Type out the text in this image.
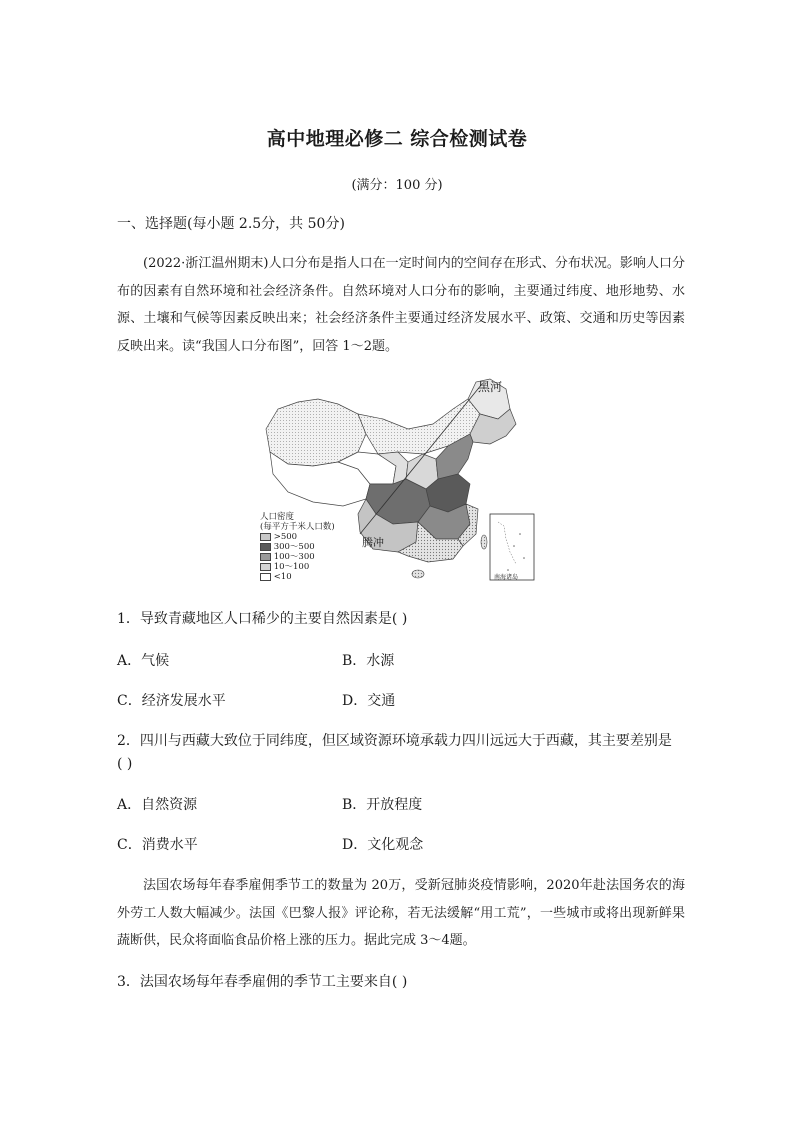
高中地理必修二 综合检测试卷
(满分：100 分)
一、选择题(每小题 2.5分，共 50分)

(2022·浙江温州期末)人口分布是指人口在一定时间内的空间存在形式、分布状况。影响人口分布的因素有自然环境和社会经济条件。自然环境对人口分布的影响，主要通过纬度、地形地势、水源、土壤和气候等因素反映出来；社会经济条件主要通过经济发展水平、政策、交通和历史等因素反映出来。读“我国人口分布图”，回答 1～2题。

黑河
腾冲
南海诸岛
人口密度
(每平方千米人口数)
>500
300～500
100～300
10～100
<10
1．导致青藏地区人口稀少的主要自然因素是( )
A．气候	B．水源
C．经济发展水平	D．交通
2．四川与西藏大致位于同纬度，但区域资源环境承载力四川远远大于西藏，其主要差别是
( )
A．自然资源	B．开放程度
C．消费水平	D．文化观念

法国农场每年春季雇佣季节工的数量为 20万，受新冠肺炎疫情影响，2020年赴法国务农的海外劳工人数大幅减少。法国《巴黎人报》评论称，若无法缓解“用工荒”，一些城市或将出现新鲜果蔬断供，民众将面临食品价格上涨的压力。据此完成 3～4题。

3．法国农场每年春季雇佣的季节工主要来自( )
